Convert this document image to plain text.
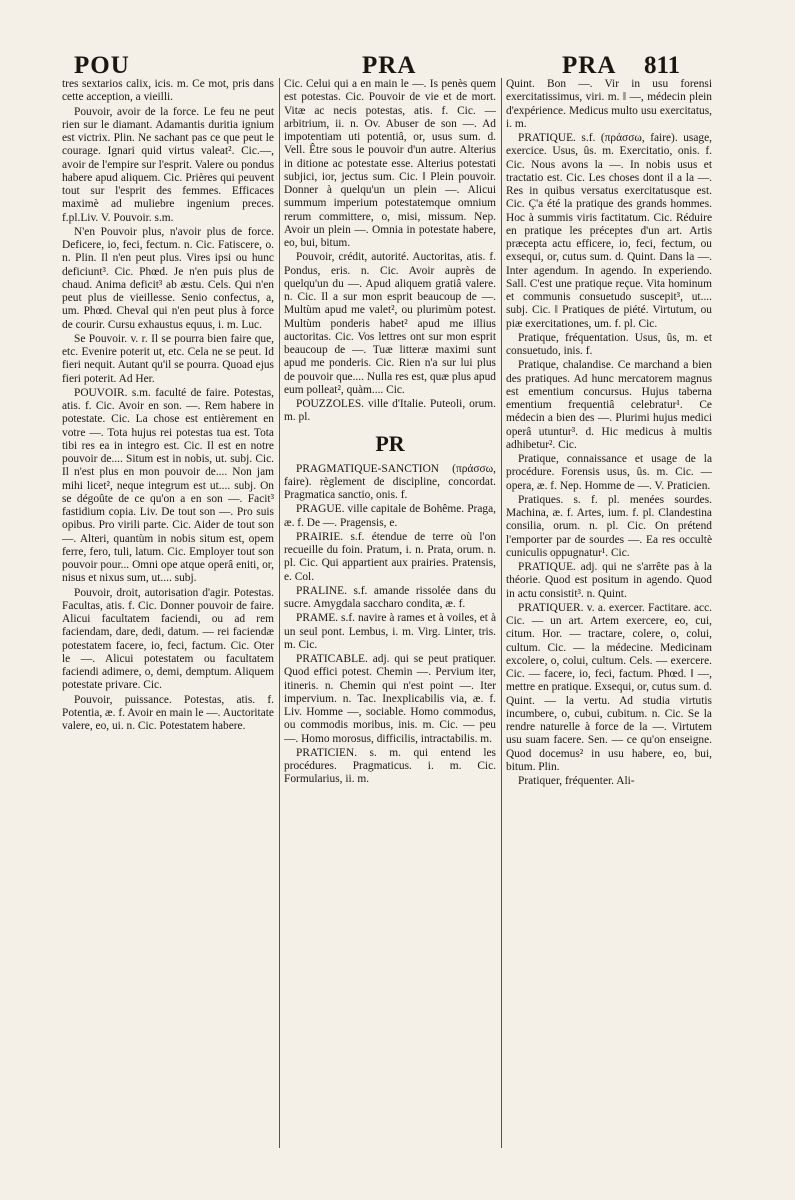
POU	PRA	PRA 811

tres sextarios calix, icis. m. Ce mot, pris dans cette acception, a vieilli.

Pouvoir, avoir de la force. Le feu ne peut rien sur le diamant. Adamantis duritia ignium est victrix. Plin. Ne sachant pas ce que peut le courage. Ignari quid virtus valeat². Cic.—, avoir de l'empire sur l'esprit. Valere ou pondus habere apud aliquem. Cic. Prières qui peuvent tout sur l'esprit des femmes. Efficaces maximè ad muliebre ingenium preces. f.pl.Liv. V. Pouvoir. s.m.

N'en Pouvoir plus, n'avoir plus de force. Deficere, io, feci, fectum. n. Cic. Fatiscere, o. n. Plin. Il n'en peut plus. Vires ipsi ou hunc deficiunt³. Cic. Phœd. Je n'en puis plus de chaud. Anima deficit³ ab æstu. Cels. Qui n'en peut plus de vieillesse. Senio confectus, a, um. Phœd. Cheval qui n'en peut plus à force de courir. Cursu exhaustus equus, i. m. Luc.

Se Pouvoir. v. r. Il se pourra bien faire que, etc. Evenire poterit ut, etc. Cela ne se peut. Id fieri nequit. Autant qu'il se pourra. Quoad ejus fieri poterit. Ad Her.

POUVOIR. s.m. faculté de faire. Potestas, atis. f. Cic. Avoir en son. —. Rem habere in potestate. Cic. La chose est entièrement en votre —. Tota hujus rei potestas tua est. Tota tibi res ea in integro est. Cic. Il est en notre pouvoir de.... Situm est in nobis, ut. subj. Cic. Il n'est plus en mon pouvoir de.... Non jam mihi licet², neque integrum est ut.... subj. On se dégoûte de ce qu'on a en son —. Facit³ fastidium copia. Liv. De tout son —. Pro suis opibus. Pro virili parte. Cic. Aider de tout son —. Alteri, quantùm in nobis situm est, opem ferre, fero, tuli, latum. Cic. Employer tout son pouvoir pour... Omni ope atque operâ eniti, or, nisus et nixus sum, ut.... subj.

Pouvoir, droit, autorisation d'agir. Potestas. Facultas, atis. f. Cic. Donner pouvoir de faire. Alicui facultatem faciendi, ou ad rem faciendam, dare, dedi, datum. — rei faciendæ potestatem facere, io, feci, factum. Cic. Oter le —. Alicui potestatem ou facultatem faciendi adimere, o, demi, demptum. Aliquem potestate privare. Cic.

Pouvoir, puissance. Potestas, atis. f. Potentia, æ. f. Avoir en main le —. Auctoritate valere, eo, ui. n. Cic. Potestatem habere.

Cic. Celui qui a en main le —. Is penès quem est potestas. Cic. Pouvoir de vie et de mort. Vitæ ac necis potestas, atis. f. Cic. — arbitrium, ii. n. Ov. Abuser de son —. Ad impotentiam uti potentiâ, or, usus sum. d. Vell. Être sous le pouvoir d'un autre. Alterius in ditione ac potestate esse. Alterius potestati subjici, ior, jectus sum. Cic. ‖ Plein pouvoir. Donner à quelqu'un un plein —. Alicui summum imperium potestatemque omnium rerum committere, o, misi, missum. Nep. Avoir un plein —. Omnia in potestate habere, eo, bui, bitum.

Pouvoir, crédit, autorité. Auctoritas, atis. f. Pondus, eris. n. Cic. Avoir auprès de quelqu'un du —. Apud aliquem gratiâ valere. n. Cic. Il a sur mon esprit beaucoup de —. Multùm apud me valet², ou plurimùm potest. Multùm ponderis habet² apud me illius auctoritas. Cic. Vos lettres ont sur mon esprit beaucoup de —. Tuæ litteræ maximi sunt apud me ponderis. Cic. Rien n'a sur lui plus de pouvoir que.... Nulla res est, quæ plus apud eum polleat², quàm.... Cic.

POUZZOLES. ville d'Italie. Puteoli, orum. m. pl.

PR

PRAGMATIQUE-SANCTION (πράσσω, faire). règlement de discipline, concordat. Pragmatica sanctio, onis. f.

PRAGUE. ville capitale de Bohême. Praga, æ. f. De —. Pragensis, e.

PRAIRIE. s.f. étendue de terre où l'on recueille du foin. Pratum, i. n. Prata, orum. n. pl. Cic. Qui appartient aux prairies. Pratensis, e. Col.

PRALINE. s.f. amande rissolée dans du sucre. Amygdala saccharo condita, æ. f.

PRAME. s.f. navire à rames et à voiles, et à un seul pont. Lembus, i. m. Virg. Linter, tris. m. Cic.

PRATICABLE. adj. qui se peut pratiquer. Quod effici potest. Chemin —. Pervium iter, itineris. n. Chemin qui n'est point —. Iter impervium. n. Tac. Inexplicabilis via, æ. f. Liv. Homme —, sociable. Homo commodus, ou commodis moribus, inis. m. Cic. — peu —. Homo morosus, difficilis, intractabilis. m.

PRATICIEN. s. m. qui entend les procédures. Pragmaticus. i. m. Cic. Formularius, ii. m.

Quint. Bon —. Vir in usu forensi exercitatissimus, viri. m. ‖ —, médecin plein d'expérience. Medicus multo usu exercitatus, i. m.

PRATIQUE. s.f. (πράσσω, faire). usage, exercice. Usus, ûs. m. Exercitatio, onis. f. Cic. Nous avons la —. In nobis usus et tractatio est. Cic. Les choses dont il a la —. Res in quibus versatus exercitatusque est. Cic. Ç'a été la pratique des grands hommes. Hoc à summis viris factitatum. Cic. Réduire en pratique les préceptes d'un art. Artis præcepta actu efficere, io, feci, fectum, ou exsequi, or, cutus sum. d. Quint. Dans la —. Inter agendum. In agendo. In experiendo. Sall. C'est une pratique reçue. Vita hominum et communis consuetudo suscepit³, ut.... subj. Cic. ‖ Pratiques de piété. Virtutum, ou piæ exercitationes, um. f. pl. Cic.

Pratique, fréquentation. Usus, ûs, m. et consuetudo, inis. f.

Pratique, chalandise. Ce marchand a bien des pratiques. Ad hunc mercatorem magnus est ementium concursus. Hujus taberna ementium frequentiâ celebratur¹. Ce médecin a bien des —. Plurimi hujus medici operâ utuntur³. d. Hic medicus à multis adhibetur². Cic.

Pratique, connaissance et usage de la procédure. Forensis usus, ûs. m. Cic. — opera, æ. f. Nep. Homme de —. V. Praticien.

Pratiques. s. f. pl. menées sourdes. Machina, æ. f. Artes, ium. f. pl. Clandestina consilia, orum. n. pl. Cic. On prétend l'emporter par de sourdes —. Ea res occultè cuniculis oppugnatur¹. Cic.

PRATIQUE. adj. qui ne s'arrête pas à la théorie. Quod est positum in agendo. Quod in actu consistit³. n. Quint.

PRATIQUER. v. a. exercer. Factitare. acc. Cic. — un art. Artem exercere, eo, cui, citum. Hor. — tractare, colere, o, colui, cultum. Cic. — la médecine. Medicinam excolere, o, colui, cultum. Cels. — exercere. Cic. — facere, io, feci, factum. Phœd. ‖ —, mettre en pratique. Exsequi, or, cutus sum. d. Quint. — la vertu. Ad studia virtutis incumbere, o, cubui, cubitum. n. Cic. Se la rendre naturelle à force de la —. Virtutem usu suam facere. Sen. — ce qu'on enseigne. Quod docemus² in usu habere, eo, bui, bitum. Plin.

Pratiquer, fréquenter. Ali-
